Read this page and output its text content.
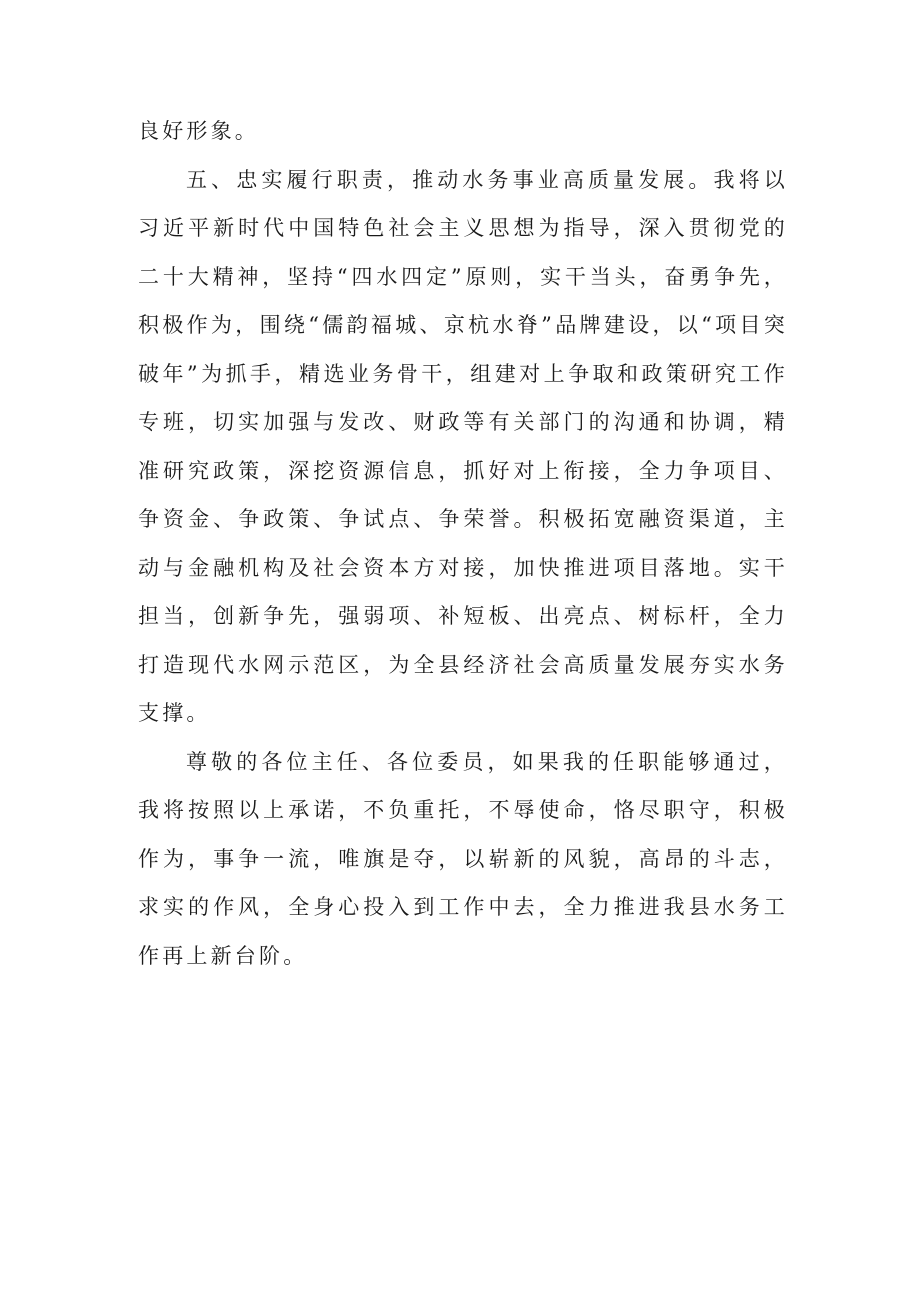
良好形象。

五、忠实履行职责，推动水务事业高质量发展。我将以习近平新时代中国特色社会主义思想为指导，深入贯彻党的二十大精神，坚持“四水四定”原则，实干当头，奋勇争先，积极作为，围绕“儒韵福城、京杭水脊”品牌建设，以“项目突破年”为抓手，精选业务骨干，组建对上争取和政策研究工作专班，切实加强与发改、财政等有关部门的沟通和协调，精准研究政策，深挖资源信息，抓好对上衔接，全力争项目、争资金、争政策、争试点、争荣誉。积极拓宽融资渠道，主动与金融机构及社会资本方对接，加快推进项目落地。实干担当，创新争先，强弱项、补短板、出亮点、树标杆，全力打造现代水网示范区，为全县经济社会高质量发展夯实水务支撑。

尊敬的各位主任、各位委员，如果我的任职能够通过，我将按照以上承诺，不负重托，不辱使命，恪尽职守，积极作为，事争一流，唯旗是夺，以崭新的风貌，高昂的斗志，求实的作风，全身心投入到工作中去，全力推进我县水务工作再上新台阶。
